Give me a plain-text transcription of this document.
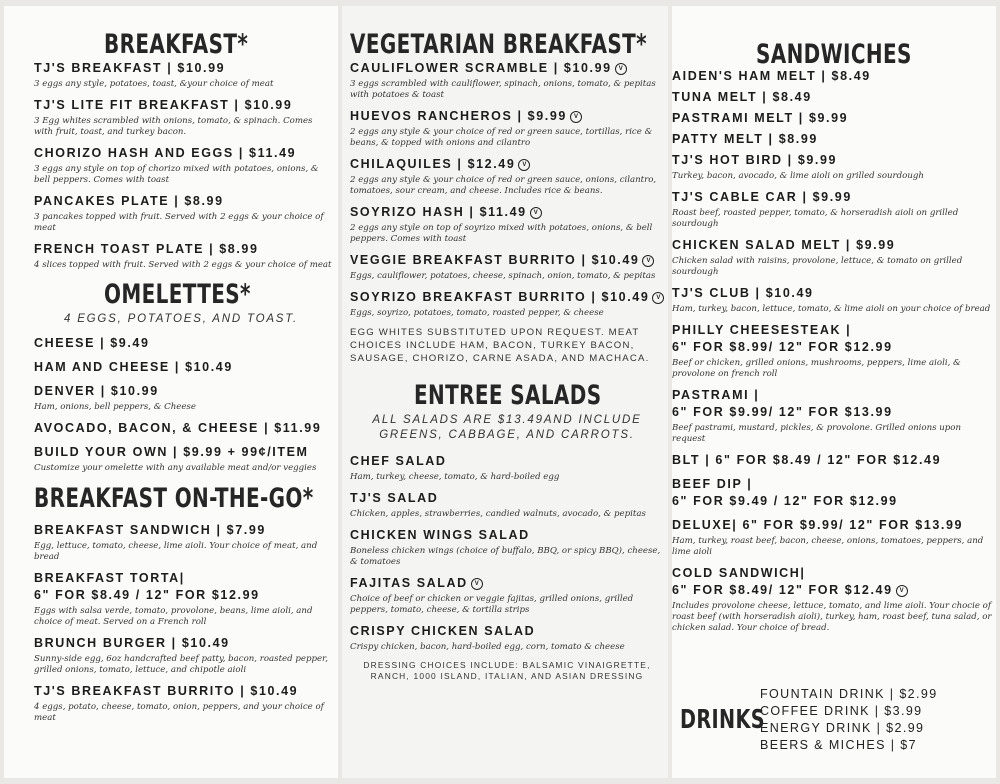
BREAKFAST*
TJ'S BREAKFAST | $10.99
3 eggs any style, potatoes, toast, &your choice of meat
TJ'S LITE FIT BREAKFAST | $10.99
3 Egg whites scrambled with onions, tomato, & spinach. Comes with fruit, toast, and turkey bacon.
CHORIZO HASH AND EGGS | $11.49
3 eggs any style on top of chorizo mixed with potatoes, onions, & bell peppers. Comes with toast
PANCAKES PLATE | $8.99
3 pancakes topped with fruit. Served with 2 eggs & your choice of meat
FRENCH TOAST PLATE | $8.99
4 slices topped with fruit. Served with 2 eggs & your choice of meat
OMELETTES*
4 EGGS, POTATOES, AND TOAST.
CHEESE | $9.49
HAM AND CHEESE | $10.49
DENVER | $10.99
Ham, onions, bell peppers, & Cheese
AVOCADO, BACON, & CHEESE | $11.99
BUILD YOUR OWN | $9.99 + 99¢/ITEM
Customize your omelette with any available meat and/or veggies
BREAKFAST ON-THE-GO*
BREAKFAST SANDWICH | $7.99
Egg, lettuce, tomato, cheese, lime aioli. Your choice of meat, and bread
BREAKFAST TORTA|
6" FOR $8.49 / 12" FOR $12.99
Eggs with salsa verde, tomato, provolone, beans, lime aioli, and choice of meat. Served on a French roll
BRUNCH BURGER | $10.49
Sunny-side egg, 6oz handcrafted beef patty, bacon, roasted pepper, grilled onions, tomato, lettuce, and chipotle aioli
TJ'S BREAKFAST BURRITO | $10.49
4 eggs, potato, cheese, tomato, onion, peppers, and your choice of meat
VEGETARIAN BREAKFAST*
CAULIFLOWER SCRAMBLE | $10.99 V
3 eggs scrambled with cauliflower, spinach, onions, tomato, & pepitas with potatoes & toast
HUEVOS RANCHEROS | $9.99 V
2 eggs any style & your choice of red or green sauce, tortillas, rice & beans, & topped with onions and cilantro
CHILAQUILES | $12.49 V
2 eggs any style & your choice of red or green sauce, onions, cilantro, tomatoes, sour cream, and cheese. Includes rice & beans.
SOYRIZO HASH | $11.49 V
2 eggs any style on top of soyrizo mixed with potatoes, onions, & bell peppers. Comes with toast
VEGGIE BREAKFAST BURRITO | $10.49 V
Eggs, cauliflower, potatoes, cheese, spinach, onion, tomato, & pepitas
SOYRIZO BREAKFAST BURRITO | $10.49 V
Eggs, soyrizo, potatoes, tomato, roasted pepper, & cheese
EGG WHITES SUBSTITUTED UPON REQUEST. MEAT CHOICES INCLUDE HAM, BACON, TURKEY BACON, SAUSAGE, CHORIZO, CARNE ASADA, AND MACHACA.
ENTREE SALADS
ALL SALADS ARE $13.49AND INCLUDE GREENS, CABBAGE, AND CARROTS.
CHEF SALAD
Ham, turkey, cheese, tomato, & hard-boiled egg
TJ'S SALAD
Chicken, apples, strawberries, candied walnuts, avocado, & pepitas
CHICKEN WINGS SALAD
Boneless chicken wings (choice of buffalo, BBQ, or spicy BBQ), cheese, & tomatoes
FAJITAS SALAD V
Choice of beef or chicken or veggie fajitas, grilled onions, grilled peppers, tomato, cheese, & tortilla strips
CRISPY CHICKEN SALAD
Crispy chicken, bacon, hard-boiled egg, corn, tomato & cheese
DRESSING CHOICES INCLUDE: BALSAMIC VINAIGRETTE, RANCH, 1000 ISLAND, ITALIAN, AND ASIAN DRESSING
SANDWICHES
AIDEN'S HAM MELT | $8.49
TUNA MELT | $8.49
PASTRAMI MELT | $9.99
PATTY MELT | $8.99
TJ'S HOT BIRD | $9.99
Turkey, bacon, avocado, & lime aioli on grilled sourdough
TJ'S CABLE CAR | $9.99
Roast beef, roasted pepper, tomato, & horseradish aioli on grilled sourdough
CHICKEN SALAD MELT | $9.99
Chicken salad with raisins, provolone, lettuce, & tomato on grilled sourdough
TJ'S CLUB | $10.49
Ham, turkey, bacon, lettuce, tomato, & lime aioli on your choice of bread
PHILLY CHEESESTEAK |
6" FOR $8.99/ 12" FOR $12.99
Beef or chicken, grilled onions, mushrooms, peppers, lime aioli, & provolone on french roll
PASTRAMI |
6" FOR $9.99/ 12" FOR $13.99
Beef pastrami, mustard, pickles, & provolone. Grilled onions upon request
BLT | 6" FOR $8.49 / 12" FOR $12.49
BEEF DIP |
6" FOR $9.49 / 12" FOR $12.99
DELUXE| 6" FOR $9.99/ 12" FOR $13.99
Ham, turkey, roast beef, bacon, cheese, onions, tomatoes, peppers, and lime aioli
COLD SANDWICH|
6" FOR $8.49/ 12" FOR $12.49 V
Includes provolone cheese, lettuce, tomato, and lime aioli. Your chocie of roast beef (with horseradish aioli), turkey, ham, roast beef, tuna salad, or chicken salad. Your choice of bread.
DRINKS
FOUNTAIN DRINK | $2.99
COFFEE DRINK | $3.99
ENERGY DRINK | $2.99
BEERS & MICHES | $7
